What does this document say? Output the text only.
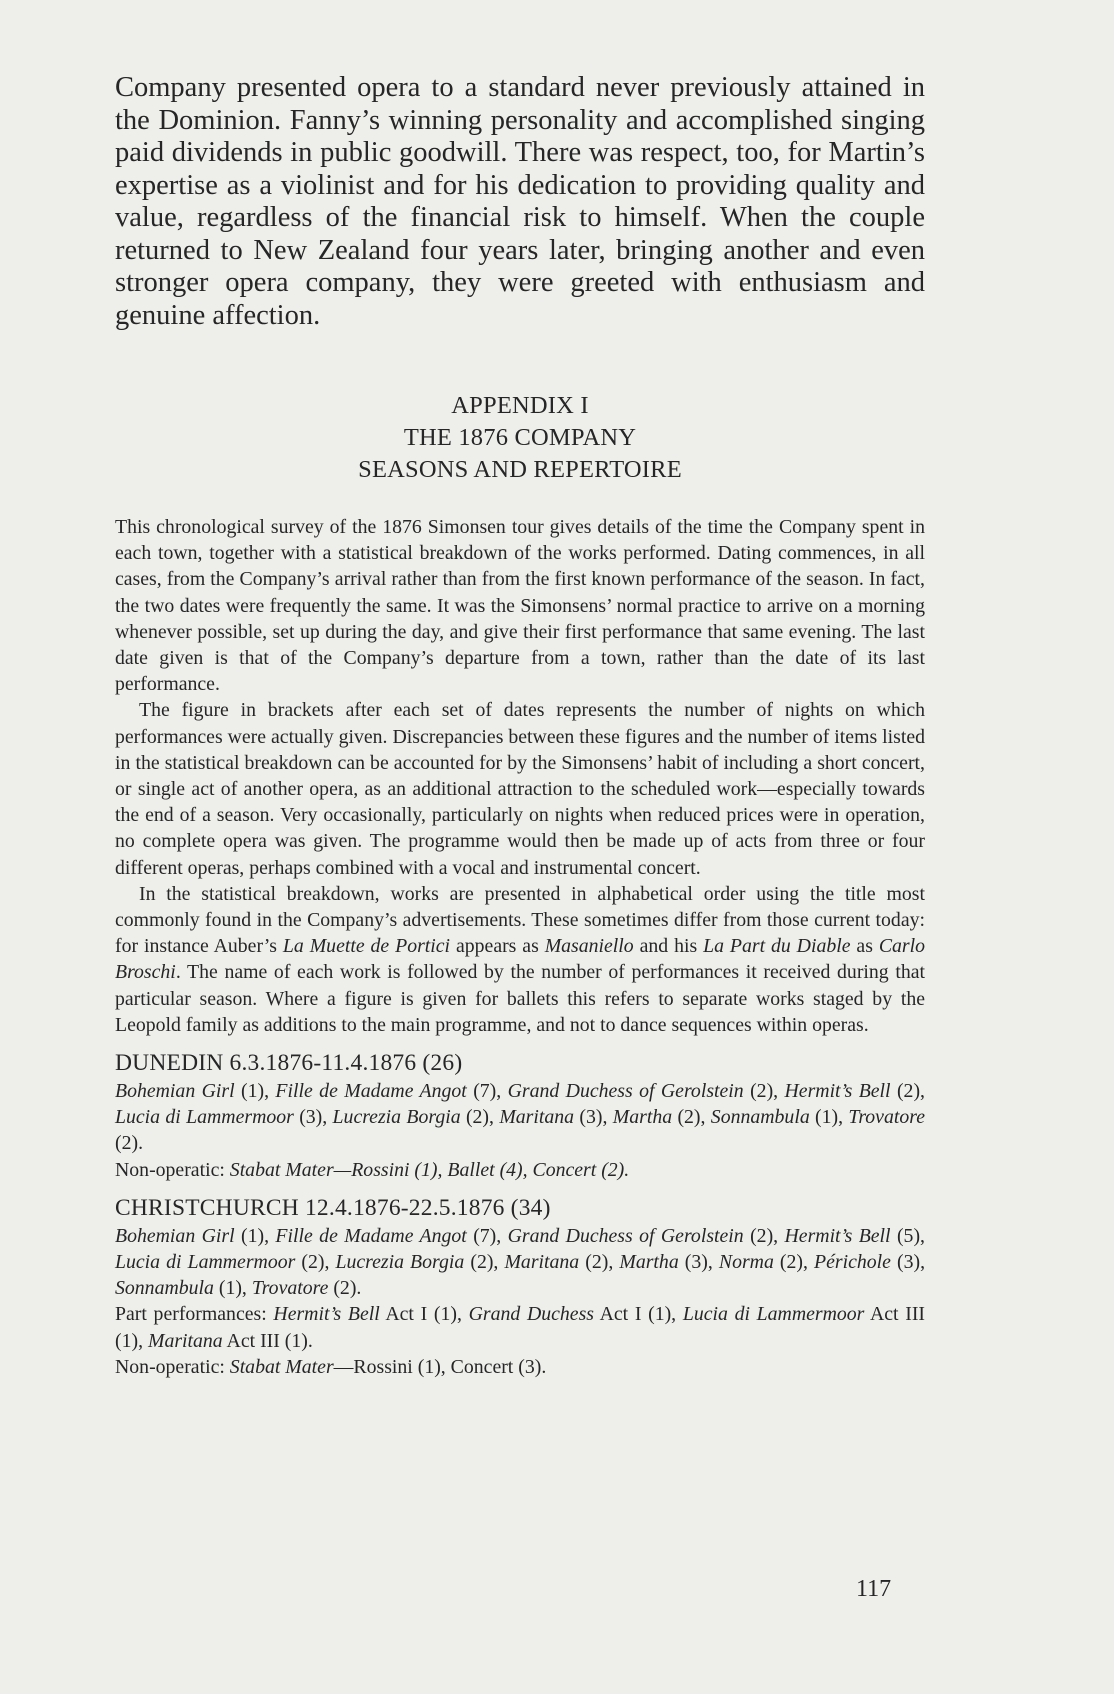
Company presented opera to a standard never previously attained in the Dominion. Fanny’s winning personality and accomplished singing paid dividends in public goodwill. There was respect, too, for Martin’s expertise as a violinist and for his dedication to providing quality and value, regardless of the financial risk to himself. When the couple returned to New Zealand four years later, bringing another and even stronger opera company, they were greeted with enthusiasm and genuine affection.

APPENDIX I
THE 1876 COMPANY
SEASONS AND REPERTOIRE

This chronological survey of the 1876 Simonsen tour gives details of the time the Company spent in each town, together with a statistical breakdown of the works performed. Dating commences, in all cases, from the Company’s arrival rather than from the first known performance of the season. In fact, the two dates were frequently the same. It was the Simonsens’ normal practice to arrive on a morning whenever possible, set up during the day, and give their first performance that same evening. The last date given is that of the Company’s departure from a town, rather than the date of its last performance.

The figure in brackets after each set of dates represents the number of nights on which performances were actually given. Discrepancies between these figures and the number of items listed in the statistical breakdown can be accounted for by the Simonsens’ habit of including a short concert, or single act of another opera, as an additional attraction to the scheduled work—especially towards the end of a season. Very occasionally, particularly on nights when reduced prices were in operation, no complete opera was given. The programme would then be made up of acts from three or four different operas, perhaps combined with a vocal and instrumental concert.

In the statistical breakdown, works are presented in alphabetical order using the title most commonly found in the Company’s advertisements. These sometimes differ from those current today: for instance Auber’s La Muette de Portici appears as Masaniello and his La Part du Diable as Carlo Broschi. The name of each work is followed by the number of performances it received during that particular season. Where a figure is given for ballets this refers to separate works staged by the Leopold family as additions to the main programme, and not to dance sequences within operas.

DUNEDIN 6.3.1876-11.4.1876 (26)
Bohemian Girl (1), Fille de Madame Angot (7), Grand Duchess of Gerolstein (2), Hermit’s Bell (2), Lucia di Lammermoor (3), Lucrezia Borgia (2), Maritana (3), Martha (2), Sonnambula (1), Trovatore (2).
Non-operatic: Stabat Mater—Rossini (1), Ballet (4), Concert (2).
CHRISTCHURCH 12.4.1876-22.5.1876 (34)
Bohemian Girl (1), Fille de Madame Angot (7), Grand Duchess of Gerolstein (2), Hermit’s Bell (5), Lucia di Lammermoor (2), Lucrezia Borgia (2), Maritana (2), Martha (3), Norma (2), Périchole (3), Sonnambula (1), Trovatore (2).
Part performances: Hermit’s Bell Act I (1), Grand Duchess Act I (1), Lucia di Lammermoor Act III (1), Maritana Act III (1).
Non-operatic: Stabat Mater—Rossini (1), Concert (3).
117
